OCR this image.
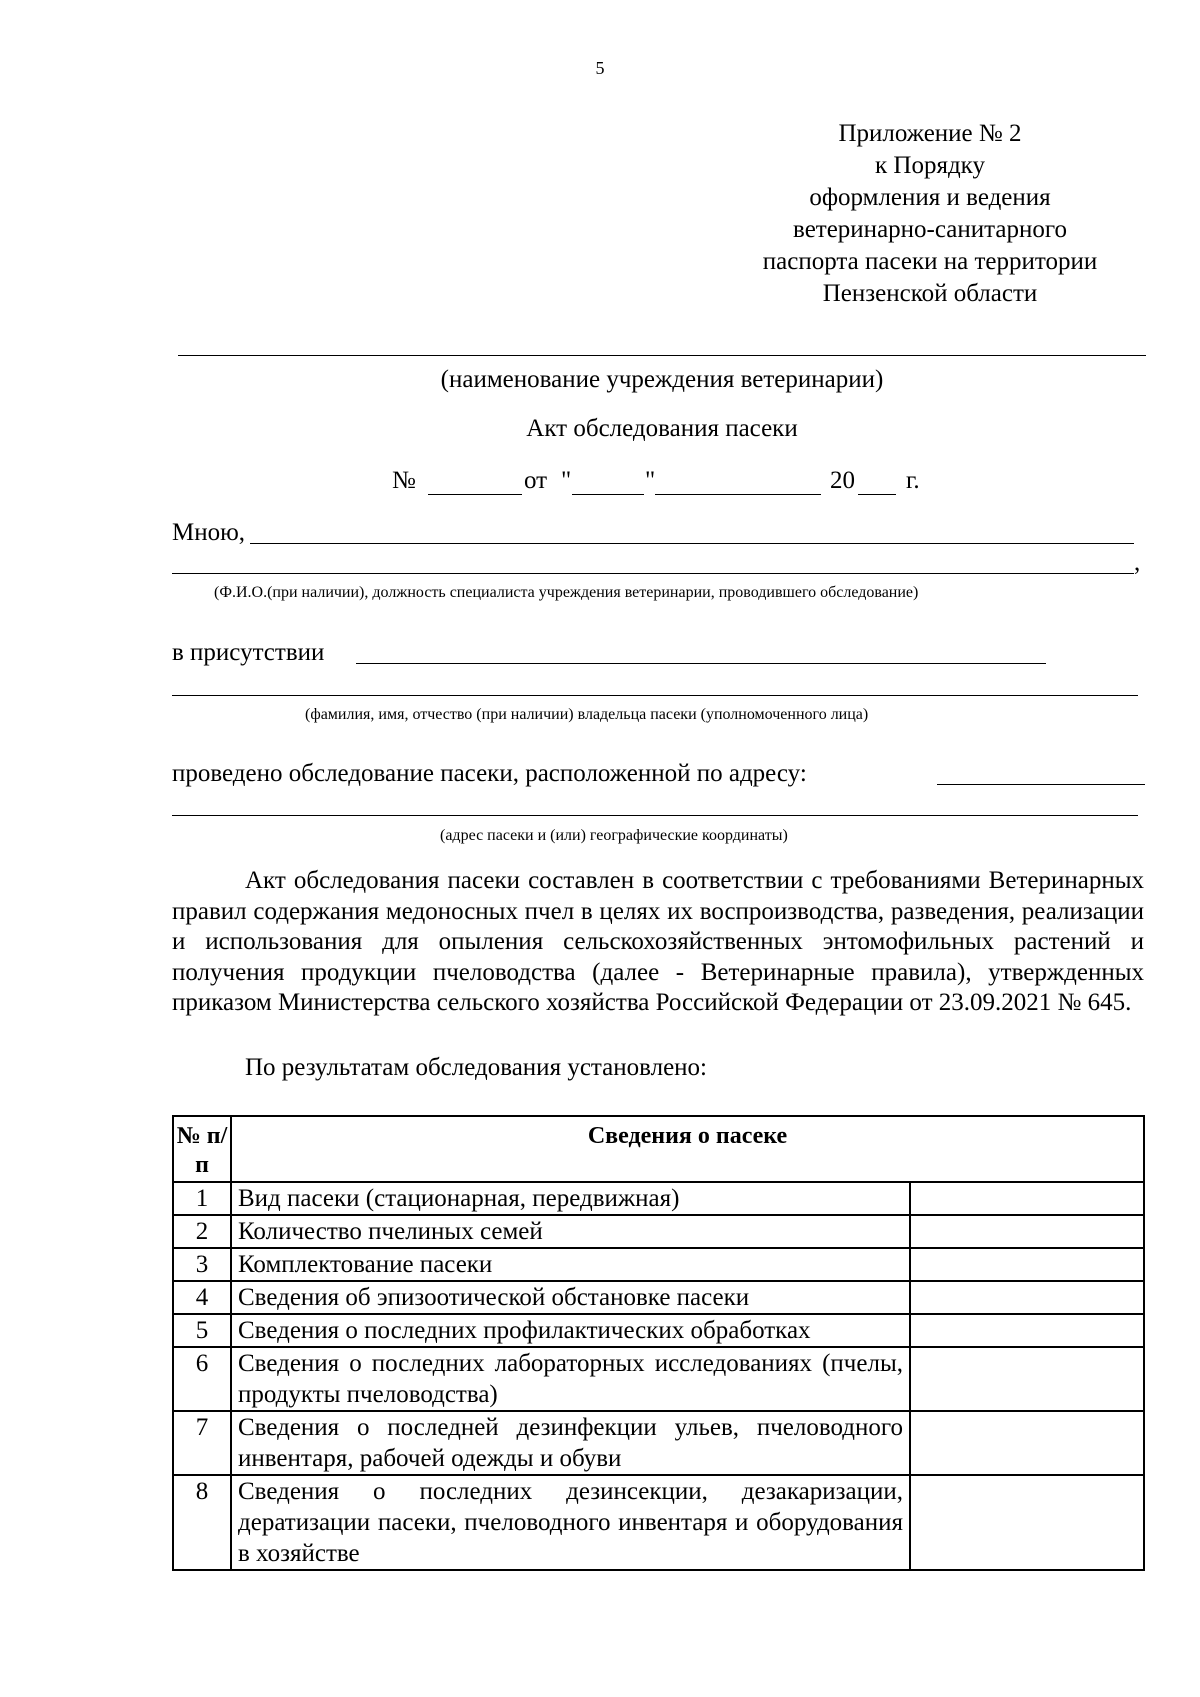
5
Приложение № 2
к Порядку
оформления и ведения
ветеринарно-санитарного
паспорта пасеки на территории
Пензенской области
(наименование учреждения ветеринарии)
Акт обследования пасеки
№	от "	"	20 г.
Мною,
,
(Ф.И.О.(при наличии), должность специалиста учреждения ветеринарии, проводившего обследование)
в присутствии
(фамилия, имя, отчество (при наличии) владельца пасеки (уполномоченного лица)
проведено обследование пасеки, расположенной по адресу:
(адрес пасеки и (или) географические координаты)
Акт обследования пасеки составлен в соответствии с требованиями Ветеринарных правил содержания медоносных пчел в целях их воспроизводства, разведения, реализации и использования для опыления сельскохозяйственных энтомофильных растений и получения продукции пчеловодства (далее - Ветеринарные правила), утвержденных приказом Министерства сельского хозяйства Российской Федерации от 23.09.2021 № 645.
По результатам обследования установлено:
№ п/п	Сведения о пасеке	
1	Вид пасеки (стационарная, передвижная)	
2	Количество пчелиных семей	
3	Комплектование пасеки	
4	Сведения об эпизоотической обстановке пасеки	
5	Сведения о последних профилактических обработках	
6	Сведения о последних лабораторных исследованиях (пчелы, продукты пчеловодства)	
7	Сведения о последней дезинфекции ульев, пчеловодного инвентаря, рабочей одежды и обуви	
8	Сведения о последних дезинсекции, дезакаризации, дератизации пасеки, пчеловодного инвентаря и оборудования в хозяйстве	
